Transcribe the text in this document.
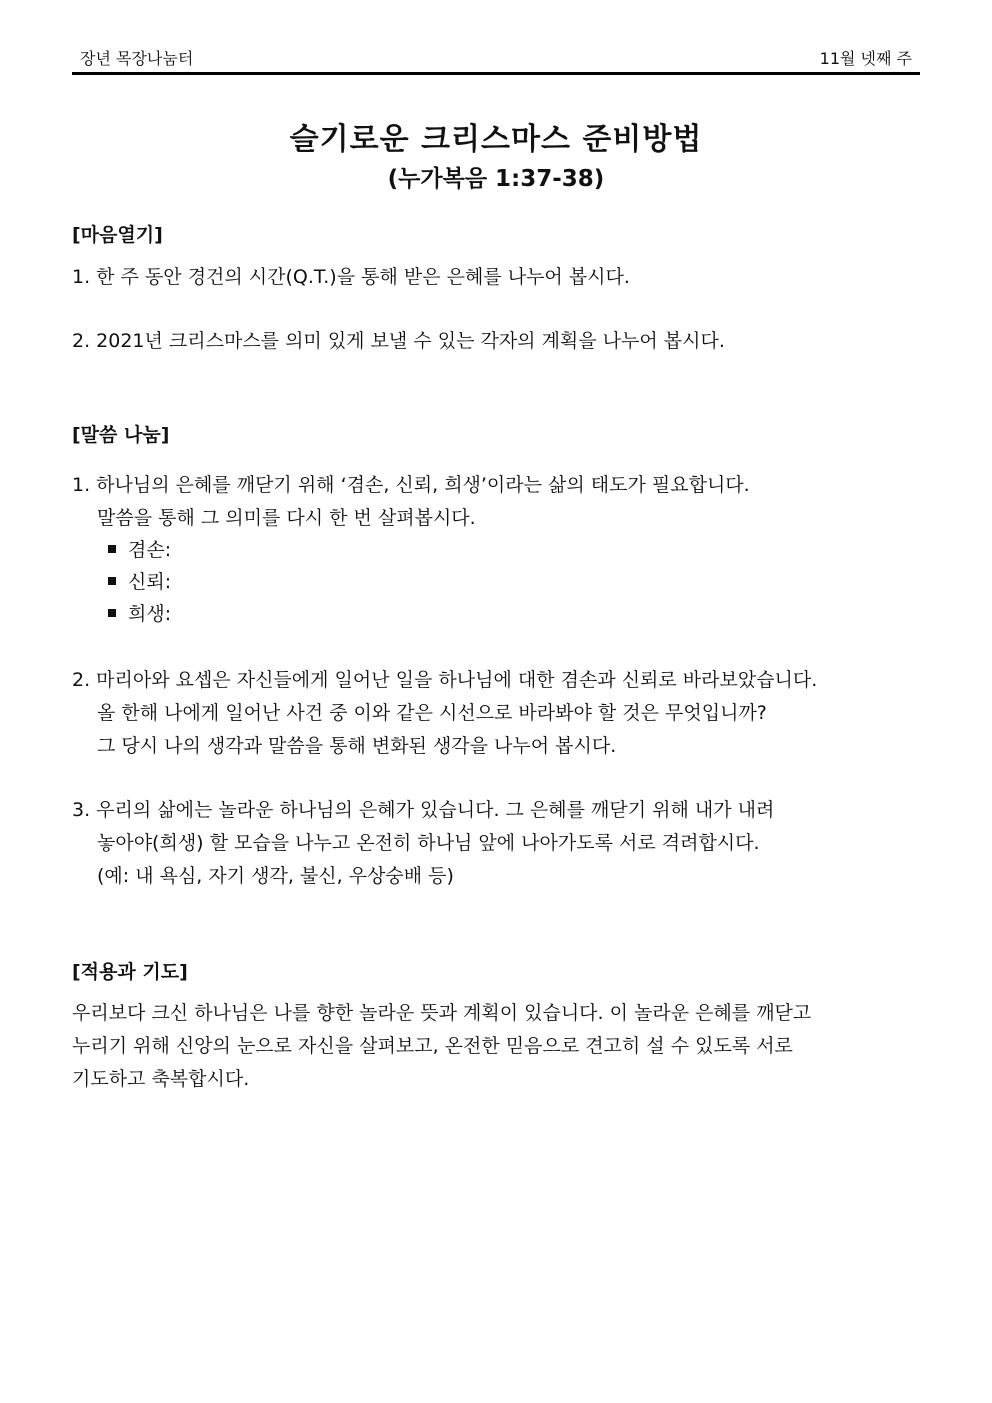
장년 목장나눔터	11월 넷째 주
슬기로운 크리스마스 준비방법
(누가복음 1:37-38)
[마음열기]
1. 한 주 동안 경건의 시간(Q.T.)을 통해 받은 은혜를 나누어 봅시다.
2. 2021년 크리스마스를 의미 있게 보낼 수 있는 각자의 계획을 나누어 봅시다.
[말씀 나눔]
1. 하나님의 은혜를 깨닫기 위해 ‘겸손, 신뢰, 희생’이라는 삶의 태도가 필요합니다.
말씀을 통해 그 의미를 다시 한 번 살펴봅시다.
겸손:
신뢰:
희생:
2. 마리아와 요셉은 자신들에게 일어난 일을 하나님에 대한 겸손과 신뢰로 바라보았습니다.
올 한해 나에게 일어난 사건 중 이와 같은 시선으로 바라봐야 할 것은 무엇입니까?
그 당시 나의 생각과 말씀을 통해 변화된 생각을 나누어 봅시다.
3. 우리의 삶에는 놀라운 하나님의 은혜가 있습니다. 그 은혜를 깨닫기 위해 내가 내려
놓아야(희생) 할 모습을 나누고 온전히 하나님 앞에 나아가도록 서로 격려합시다.
(예: 내 욕심, 자기 생각, 불신, 우상숭배 등)
[적용과 기도]
우리보다 크신 하나님은 나를 향한 놀라운 뜻과 계획이 있습니다. 이 놀라운 은혜를 깨닫고
누리기 위해 신앙의 눈으로 자신을 살펴보고, 온전한 믿음으로 견고히 설 수 있도록 서로
기도하고 축복합시다.
